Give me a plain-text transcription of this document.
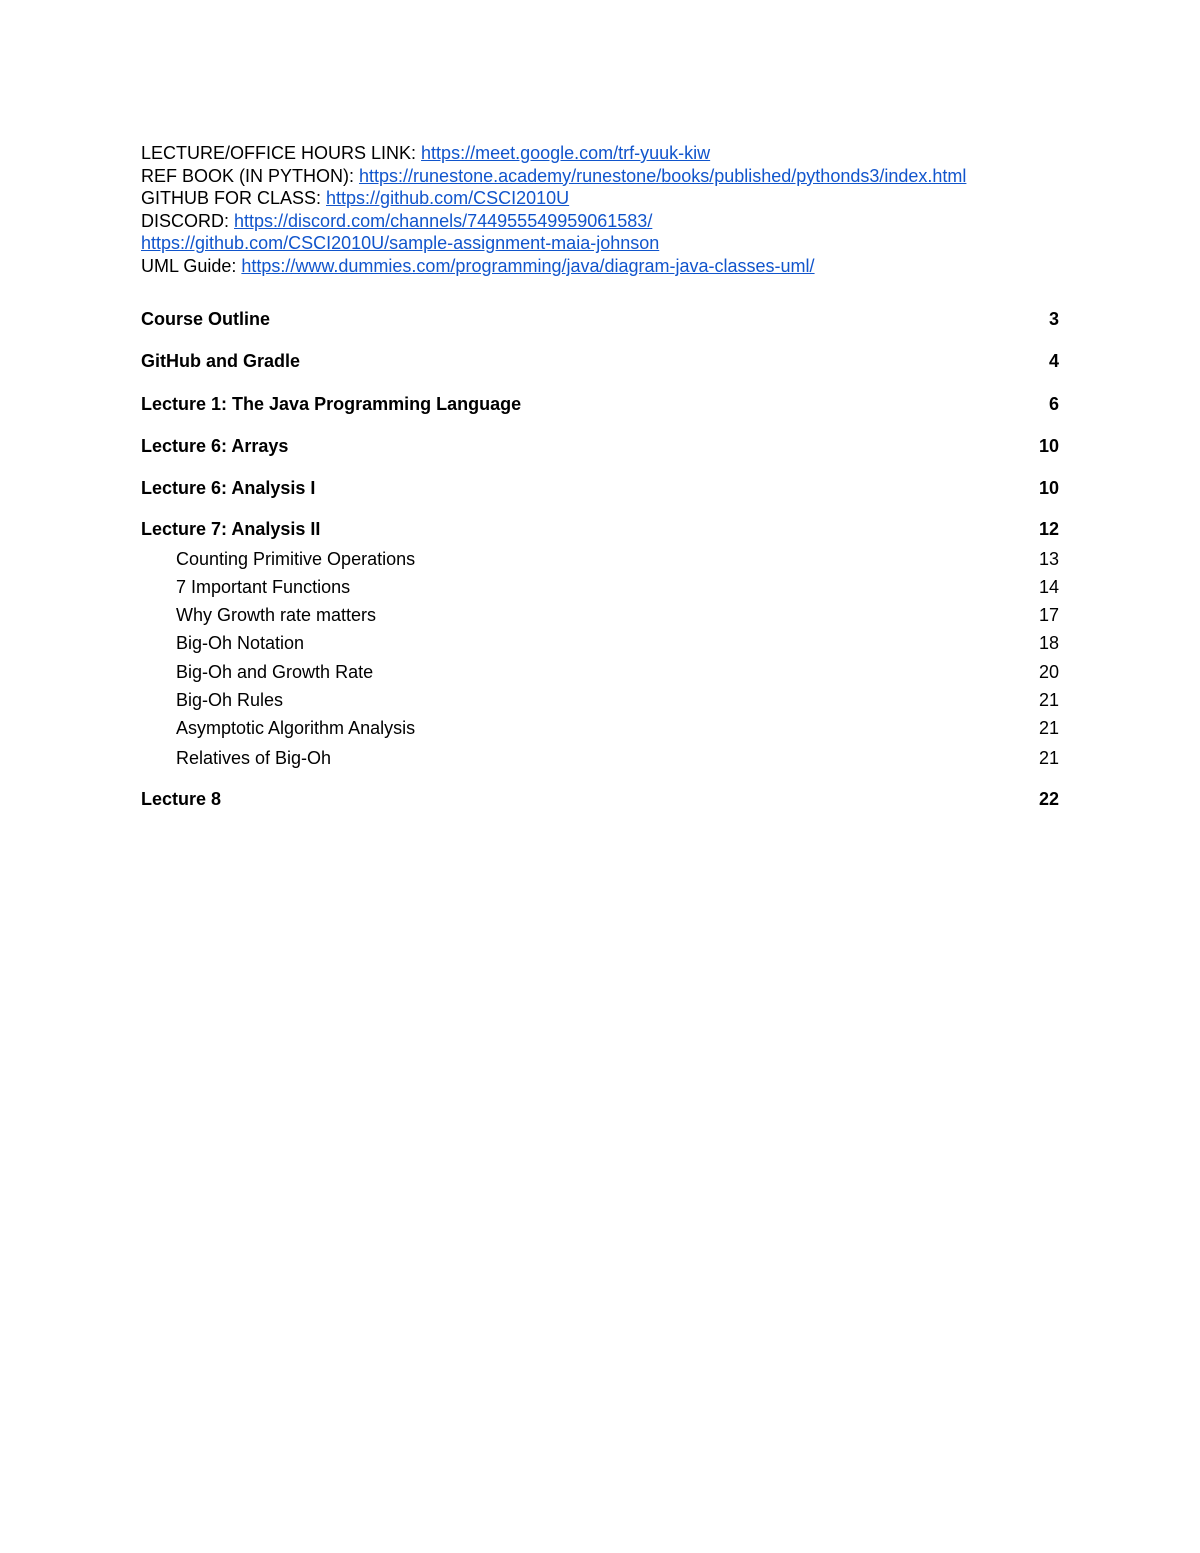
LECTURE/OFFICE HOURS LINK: https://meet.google.com/trf-yuuk-kiw
REF BOOK (IN PYTHON): https://runestone.academy/runestone/books/published/pythonds3/index.html
GITHUB FOR CLASS: https://github.com/CSCI2010U
DISCORD: https://discord.com/channels/744955549959061583/
https://github.com/CSCI2010U/sample-assignment-maia-johnson
UML Guide: https://www.dummies.com/programming/java/diagram-java-classes-uml/
Course Outline	3
GitHub and Gradle	4
Lecture 1: The Java Programming Language	6
Lecture 6: Arrays	10
Lecture 6: Analysis I	10
Lecture 7: Analysis II	12
Counting Primitive Operations	13
7 Important Functions	14
Why Growth rate matters	17
Big-Oh Notation	18
Big-Oh and Growth Rate	20
Big-Oh Rules	21
Asymptotic Algorithm Analysis	21
Relatives of Big-Oh	21
Lecture 8	22
